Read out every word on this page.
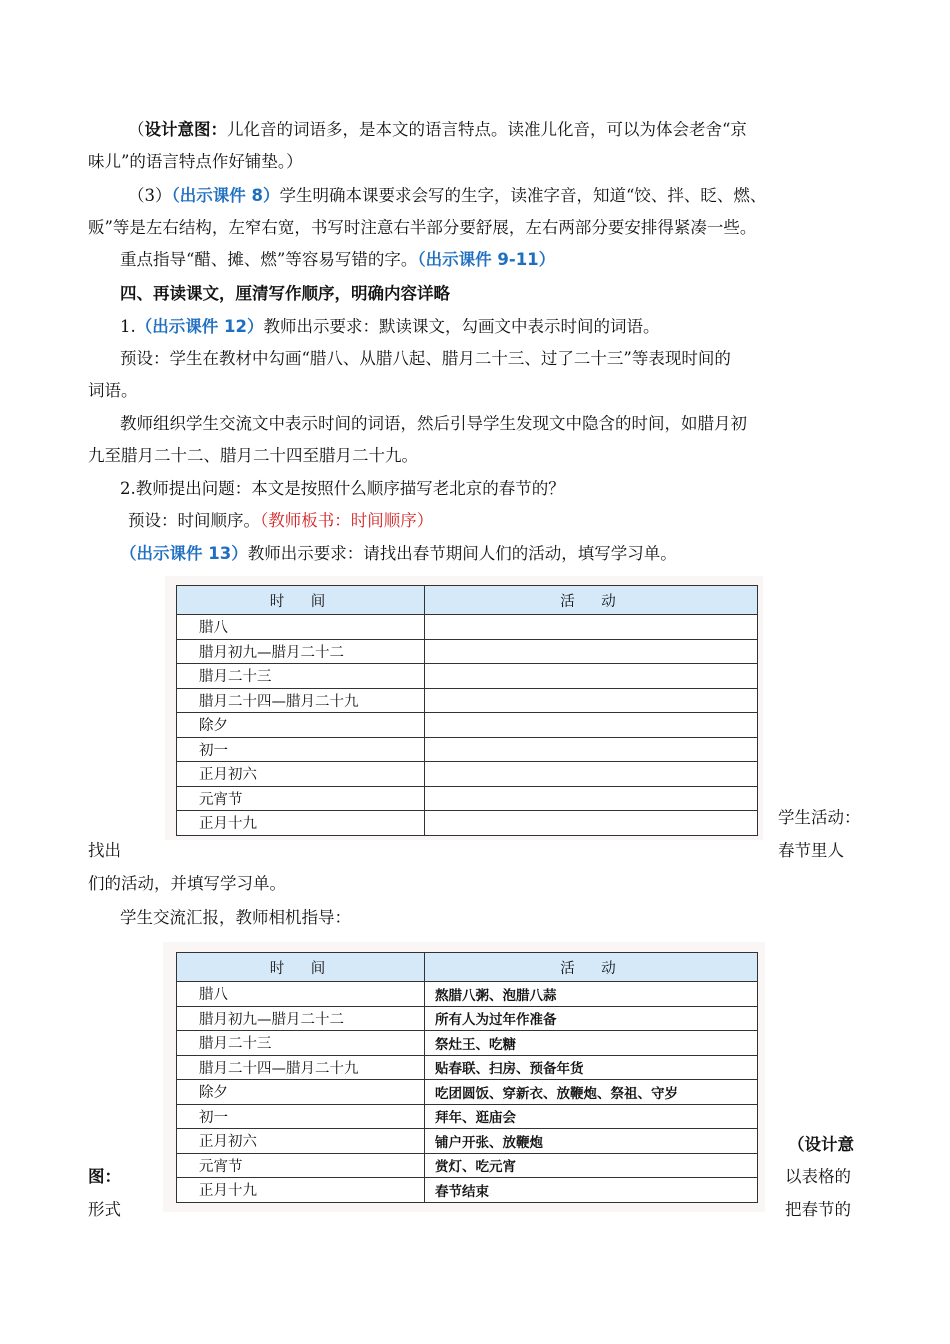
（设计意图：儿化音的词语多，是本文的语言特点。读准儿化音，可以为体会老舍“京
味儿”的语言特点作好铺垫。）
（3）（出示课件 8）学生明确本课要求会写的生字，读准字音，知道“饺、拌、眨、燃、
贩”等是左右结构，左窄右宽，书写时注意右半部分要舒展，左右两部分要安排得紧凑一些。
重点指导“醋、摊、燃”等容易写错的字。（出示课件 9-11）
四、再读课文，厘清写作顺序，明确内容详略
1.（出示课件 12）教师出示要求：默读课文，勾画文中表示时间的词语。
预设：学生在教材中勾画“腊八、从腊八起、腊月二十三、过了二十三”等表现时间的
词语。
教师组织学生交流文中表示时间的词语，然后引导学生发现文中隐含的时间，如腊月初
九至腊月二十二、腊月二十四至腊月二十九。
2.教师提出问题：本文是按照什么顺序描写老北京的春节的？
预设：时间顺序。（教师板书：时间顺序）
（出示课件 13）教师出示要求：请找出春节期间人们的活动，填写学习单。
时　间	活　动
腊八	
腊月初九—腊月二十二	
腊月二十三	
腊月二十四—腊月二十九	
除夕	
初一	
正月初六	
元宵节	
正月十九		学生活动：
找出	春节里人
们的活动，并填写学习单。
学生交流汇报，教师相机指导：
时　间	活　动
腊八	熬腊八粥、泡腊八蒜
腊月初九—腊月二十二	所有人为过年作准备
腊月二十三	祭灶王、吃糖
腊月二十四—腊月二十九	贴春联、扫房、预备年货
除夕	吃团圆饭、穿新衣、放鞭炮、祭祖、守岁
初一	拜年、逛庙会
正月初六	铺户开张、放鞭炮
元宵节	赏灯、吃元宵
正月十九	春节结束
（设计意
图：	以表格的
形式	把春节的
